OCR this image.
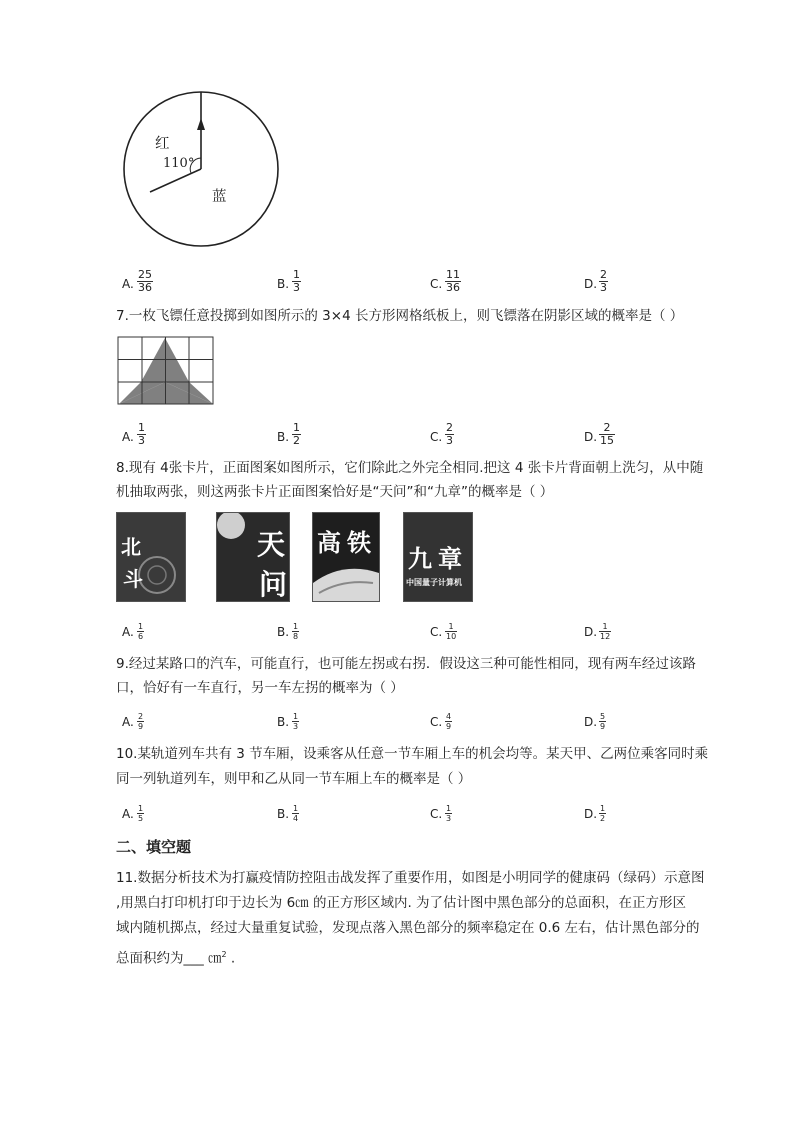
红
110°
蓝
A.
25
36	B.
1
3	C.
11
36	D.
2
3
7.一枚飞镖任意投掷到如图所示的 3×4 长方形网格纸板上，则飞镖落在阴影区域的概率是（ ）
A.
1
3	B.
1
2	C.
2
3	D.
2
15
8.现有 4张卡片，正面图案如图所示，它们除此之外完全相同.把这 4 张卡片背面朝上洗匀，从中随
机抽取两张，则这两张卡片正面图案恰好是“天问”和“九章”的概率是（ ）
北
斗
天
问
高 铁
九 章
中国量子计算机
A. 1
6	B. 1
8	C. 1
10	D. 1
12
9.经过某路口的汽车，可能直行，也可能左拐或右拐．假设这三种可能性相同，现有两车经过该路
口，恰好有一车直行，另一车左拐的概率为（ ）
A. 2
9	B. 1
3	C. 4
9	D. 5
9
10.某轨道列车共有 3 节车厢，设乘客从任意一节车厢上车的机会均等。某天甲、乙两位乘客同时乘
同一列轨道列车，则甲和乙从同一节车厢上车的概率是（ ）
A. 1
5	B. 1
4	C. 1
3	D. 1
2
二、填空题
11.数据分析技术为打赢疫情防控阻击战发挥了重要作用，如图是小明同学的健康码（绿码）示意图
,用黑白打印机打印于边长为 6㎝ 的正方形区域内. 为了估计图中黑色部分的总面积，在正方形区
域内随机掷点，经过大量重复试验，发现点落入黑色部分的频率稳定在 0.6 左右，估计黑色部分的
总面积约为___ ㎝$^2$ .
